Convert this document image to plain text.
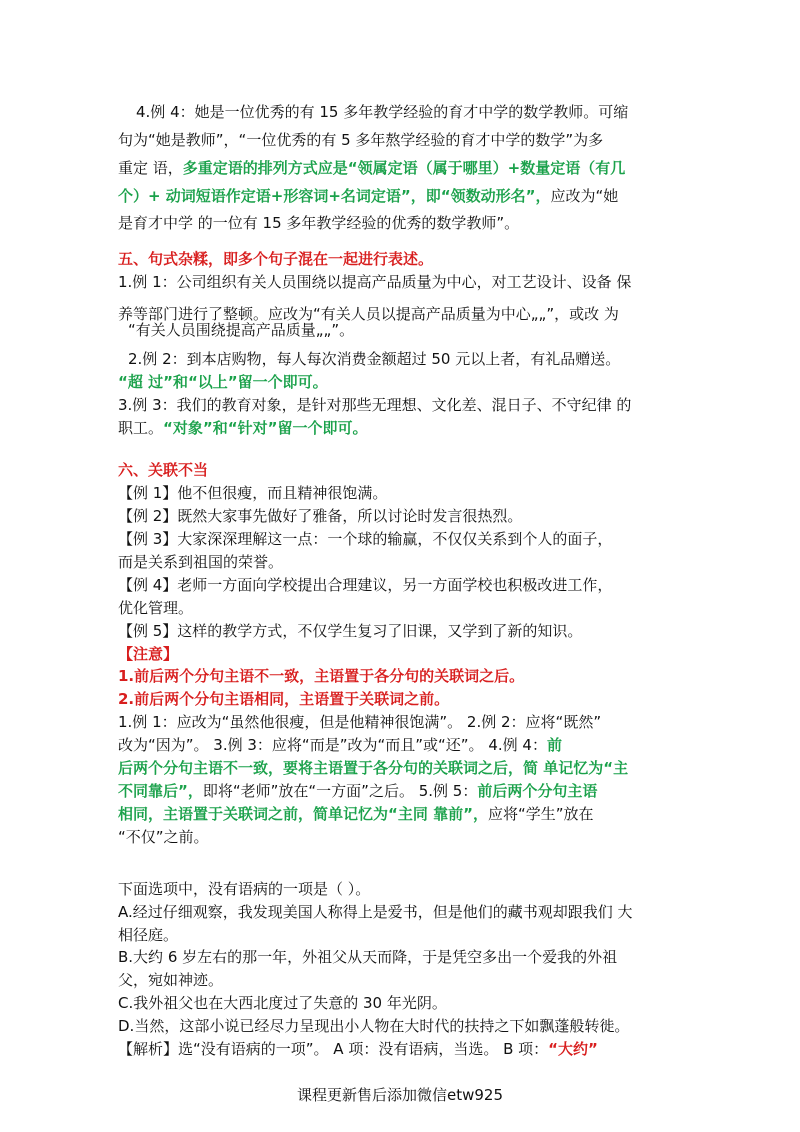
4.例 4：她是一位优秀的有 15 多年教学经验的育才中学的数学教师。可缩
句为“她是教师”，“一位优秀的有 5 多年熬学经验的育才中学的数学”为多
重定 语，多重定语的排列方式应是“领属定语（属于哪里）+数量定语（有几
个）+ 动词短语作定语+形容词+名词定语”，即“领数动形名”，应改为“她
是育才中学 的一位有 15 多年教学经验的优秀的数学教师”。
五、句式杂糅，即多个句子混在一起进行表述。
1.例 1：公司组织有关人员围绕以提高产品质量为中心，对工艺设计、设备 保
养等部门进行了整顿。应改为“有关人员以提高产品质量为中心„„”，或改 为
“有关人员围绕提高产品质量„„”。
2.例 2：到本店购物，每人每次消费金额超过 50 元以上者，有礼品赠送。
“超 过”和“以上”留一个即可。
3.例 3：我们的教育对象，是针对那些无理想、文化差、混日子、不守纪律 的
职工。“对象”和“针对”留一个即可。
六、关联不当
【例 1】他不但很瘦，而且精神很饱满。
【例 2】既然大家事先做好了雅备，所以讨论时发言很热烈。
【例 3】大家深深理解这一点：一个球的输赢，不仅仅关系到个人的面子，
而是关系到祖国的荣誉。
【例 4】老师一方面向学校提出合理建议，另一方面学校也积极改进工作，
优化管理。
【例 5】这样的教学方式，不仅学生复习了旧课，又学到了新的知识。
【注意】
1.前后两个分句主语不一致，主语置于各分句的关联词之后。
2.前后两个分句主语相同，主语置于关联词之前。
1.例 1：应改为“虽然他很瘦，但是他精神很饱满”。 2.例 2：应将“既然”
改为“因为”。 3.例 3：应将“而是”改为“而且”或“还”。 4.例 4：前
后两个分句主语不一致，要将主语置于各分句的关联词之后，简 单记忆为“主
不同靠后”，即将“老师”放在“一方面”之后。 5.例 5：前后两个分句主语
相同，主语置于关联词之前，简单记忆为“主同 靠前”，应将“学生”放在
“不仅”之前。
下面选项中，没有语病的一项是（ ）。
A.经过仔细观察，我发现美国人称得上是爱书，但是他们的藏书观却跟我们 大
相径庭。
B.大约 6 岁左右的那一年，外祖父从天而降，于是凭空多出一个爱我的外祖
父，宛如神迹。
C.我外祖父也在大西北度过了失意的 30 年光阴。
D.当然，这部小说已经尽力呈现出小人物在大时代的扶持之下如飘蓬般转徙。
【解析】选“没有语病的一项”。 A 项：没有语病，当选。 B 项：“大约”
课程更新售后添加微信etw925
